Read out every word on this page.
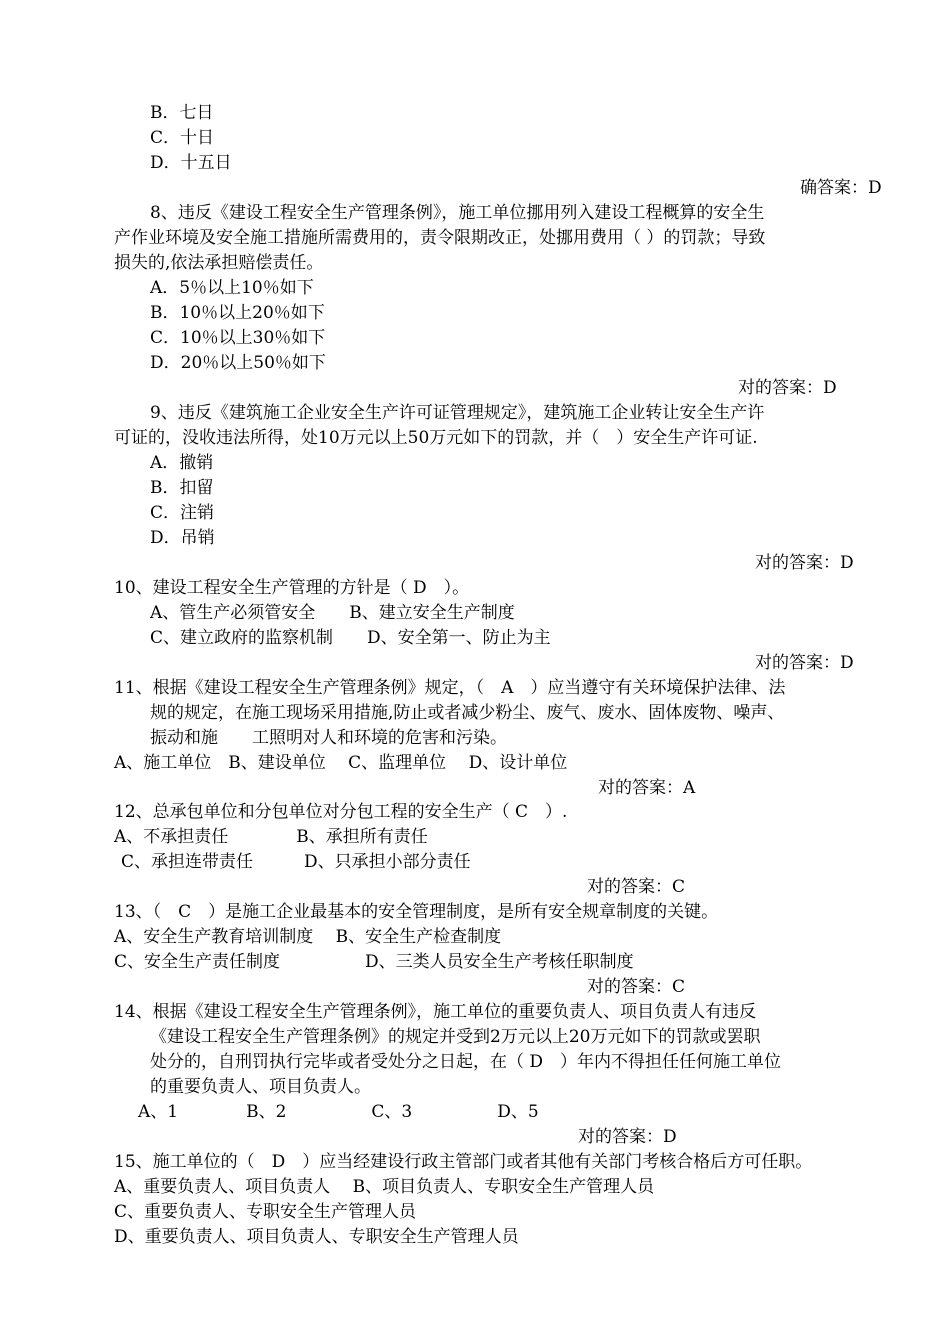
B．七日
C．十日
D．十五日
确答案：D
8、违反《建设工程安全生产管理条例》，施工单位挪用列入建设工程概算的安全生
产作业环境及安全施工措施所需费用的，责令限期改正，处挪用费用（ ）的罚款；导致
损失的,依法承担赔偿责任。
A．5％以上10％如下
B．10％以上20％如下
C．10％以上30％如下
D．20％以上50％如下
对的答案：D
9、违反《建筑施工企业安全生产许可证管理规定》，建筑施工企业转让安全生产许
可证的，没收违法所得，处10万元以上50万元如下的罚款，并（　）安全生产许可证.
A．撤销
B．扣留
C．注销
D．吊销
对的答案：D
10、建设工程安全生产管理的方针是（ D　）。
A、管生产必须管安全　　B、建立安全生产制度
C、建立政府的监察机制　　D、安全第一、防止为主
对的答案：D
11、根据《建设工程安全生产管理条例》规定，（　A　）应当遵守有关环境保护法律、法
规的规定，在施工现场采用措施,防止或者减少粉尘、废气、废水、固体废物、噪声、
振动和施　　工照明对人和环境的危害和污染。
A、施工单位　B、建设单位　 C、监理单位　 D、设计单位
对的答案：A
12、总承包单位和分包单位对分包工程的安全生产（ C　）.
A、不承担责任　　　　B、承担所有责任
C、承担连带责任　　　D、只承担小部分责任
对的答案：C
13、（　C　）是施工企业最基本的安全管理制度，是所有安全规章制度的关键。
A、安全生产教育培训制度　 B、安全生产检查制度
C、安全生产责任制度　　　　　D、三类人员安全生产考核任职制度
对的答案：C
14、根据《建设工程安全生产管理条例》，施工单位的重要负责人、项目负责人有违反
《建设工程安全生产管理条例》的规定并受到2万元以上20万元如下的罚款或罢职
处分的，自刑罚执行完毕或者受处分之日起，在（ D　）年内不得担任任何施工单位
的重要负责人、项目负责人。
A、1　　　　B、2　　　　　C、3　　　　　D、5
对的答案：D
15、施工单位的（　D　）应当经建设行政主管部门或者其他有关部门考核合格后方可任职。
A、重要负责人、项目负责人　 B、项目负责人、专职安全生产管理人员
C、重要负责人、专职安全生产管理人员
D、重要负责人、项目负责人、专职安全生产管理人员
